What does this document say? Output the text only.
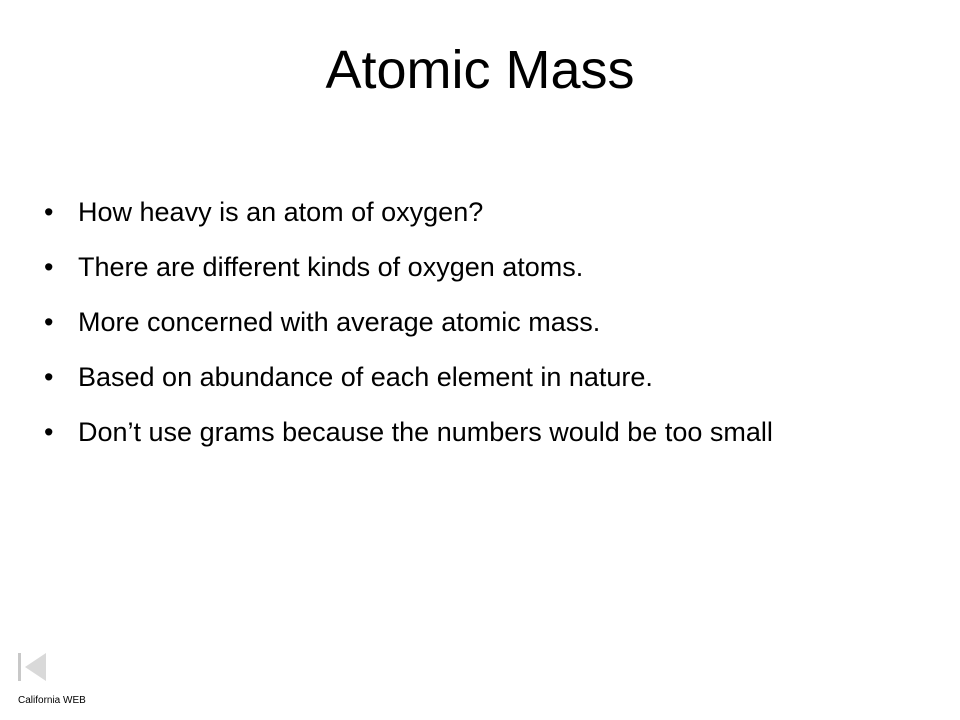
Atomic Mass
• How heavy is an atom of oxygen?
• There are different kinds of oxygen atoms.
• More concerned with average atomic mass.
• Based on abundance of each element in nature.
• Don’t use grams because the numbers would be too small
California WEB
